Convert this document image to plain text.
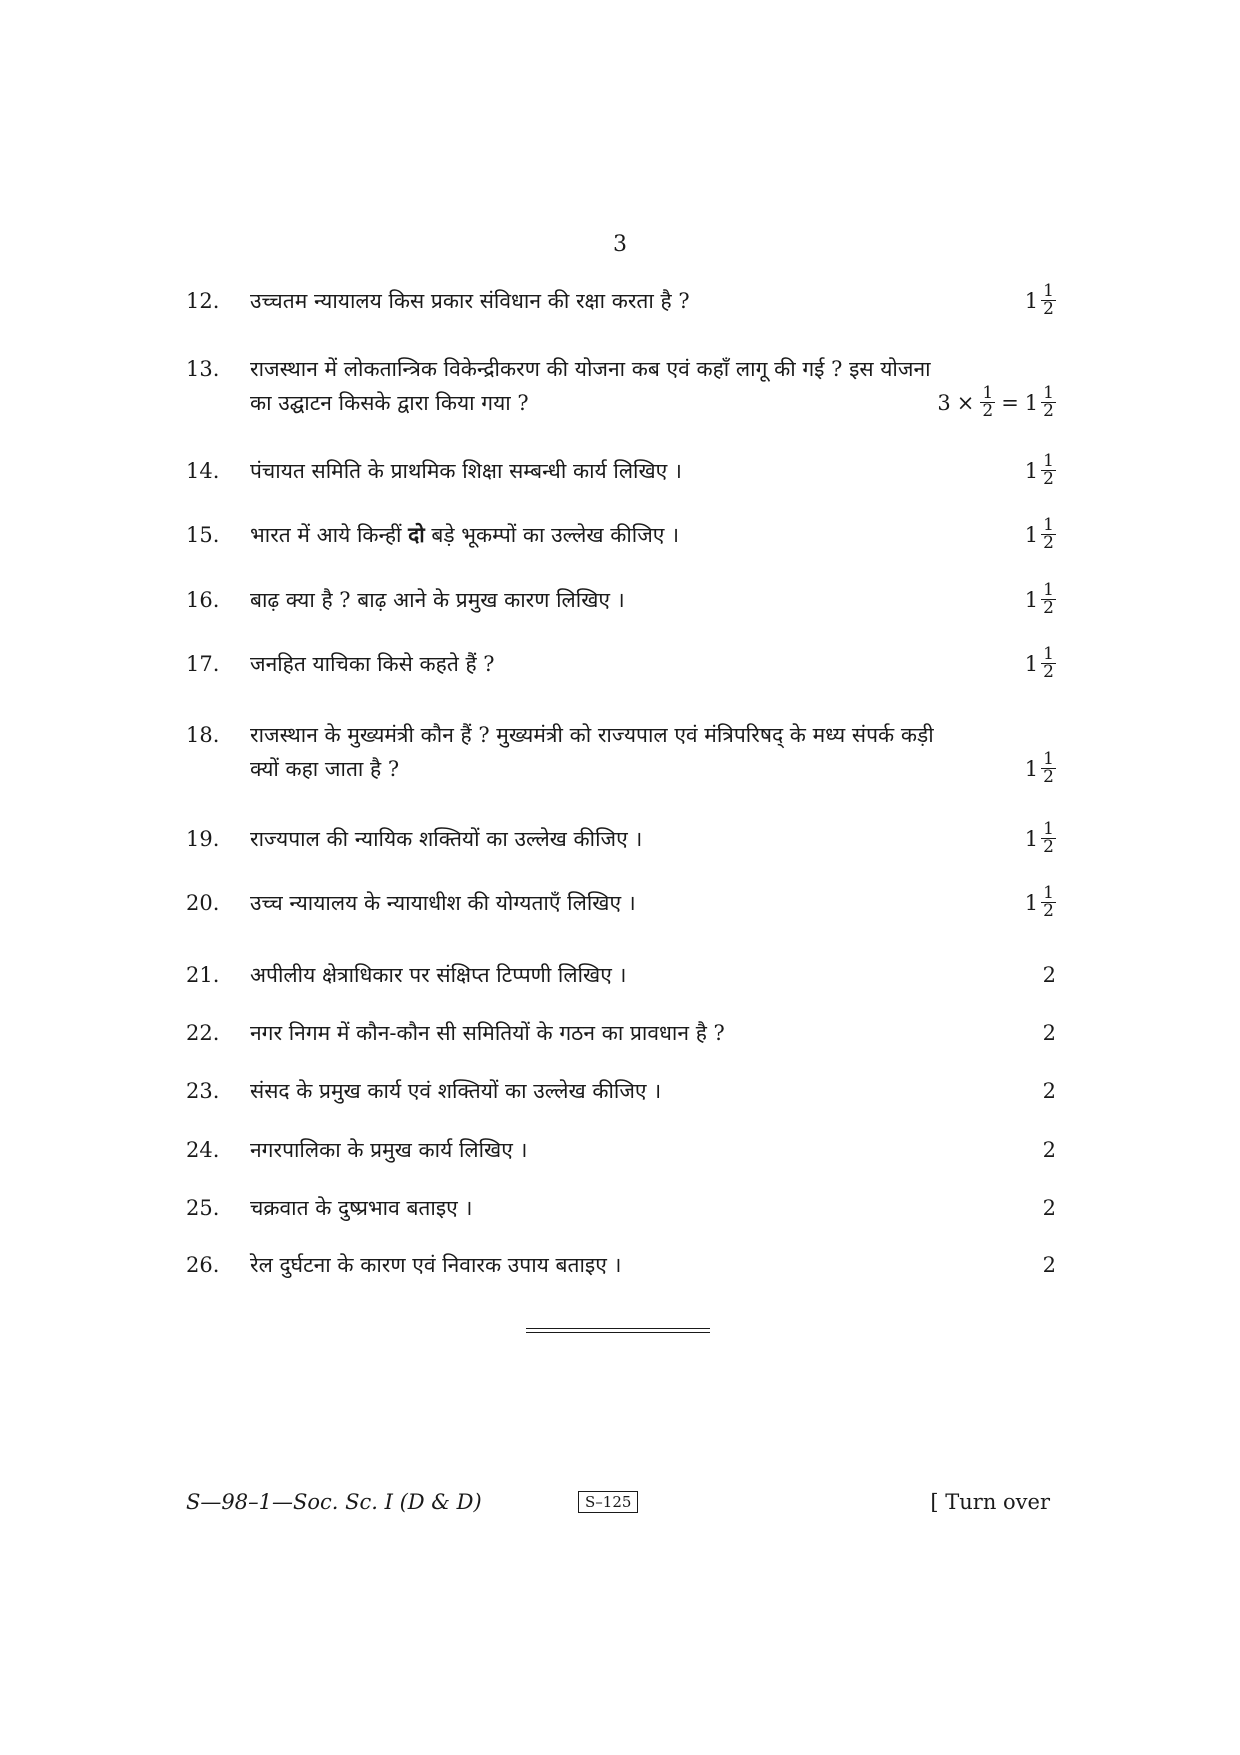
3
12.	उच्चतम न्यायालय किस प्रकार संविधान की रक्षा करता है ?	$1 \frac{1}{2}$
13.	राजस्थान में लोकतान्त्रिक विकेन्द्रीकरण की योजना कब एवं कहाँ लागू की गई ? इस योजना
का उद्घाटन किसके द्वारा किया गया ?	$3 \times \frac{1}{2} = 1 \frac{1}{2}$
14.	पंचायत समिति के प्राथमिक शिक्षा सम्बन्धी कार्य लिखिए ।	$1 \frac{1}{2}$
15.	भारत में आये किन्हीं दो बड़े भूकम्पों का उल्लेख कीजिए ।	$1 \frac{1}{2}$
16.	बाढ़ क्या है ? बाढ़ आने के प्रमुख कारण लिखिए ।	$1 \frac{1}{2}$
17.	जनहित याचिका किसे कहते हैं ?	$1 \frac{1}{2}$
18.	राजस्थान के मुख्यमंत्री कौन हैं ? मुख्यमंत्री को राज्यपाल एवं मंत्रिपरिषद् के मध्य संपर्क कड़ी
क्यों कहा जाता है ?	$1 \frac{1}{2}$
19.	राज्यपाल की न्यायिक शक्तियों का उल्लेख कीजिए ।	$1 \frac{1}{2}$
20.	उच्च न्यायालय के न्यायाधीश की योग्यताएँ लिखिए ।	$1 \frac{1}{2}$
21.	अपीलीय क्षेत्राधिकार पर संक्षिप्त टिप्पणी लिखिए ।	2
22.	नगर निगम में कौन-कौन सी समितियों के गठन का प्रावधान है ?	2
23.	संसद के प्रमुख कार्य एवं शक्तियों का उल्लेख कीजिए ।	2
24.	नगरपालिका के प्रमुख कार्य लिखिए ।	2
25.	चक्रवात के दुष्प्रभाव बताइए ।	2
26.	रेल दुर्घटना के कारण एवं निवारक उपाय बताइए ।	2
S—98–1—Soc. Sc. I (D & D)	S–125	[ Turn over
